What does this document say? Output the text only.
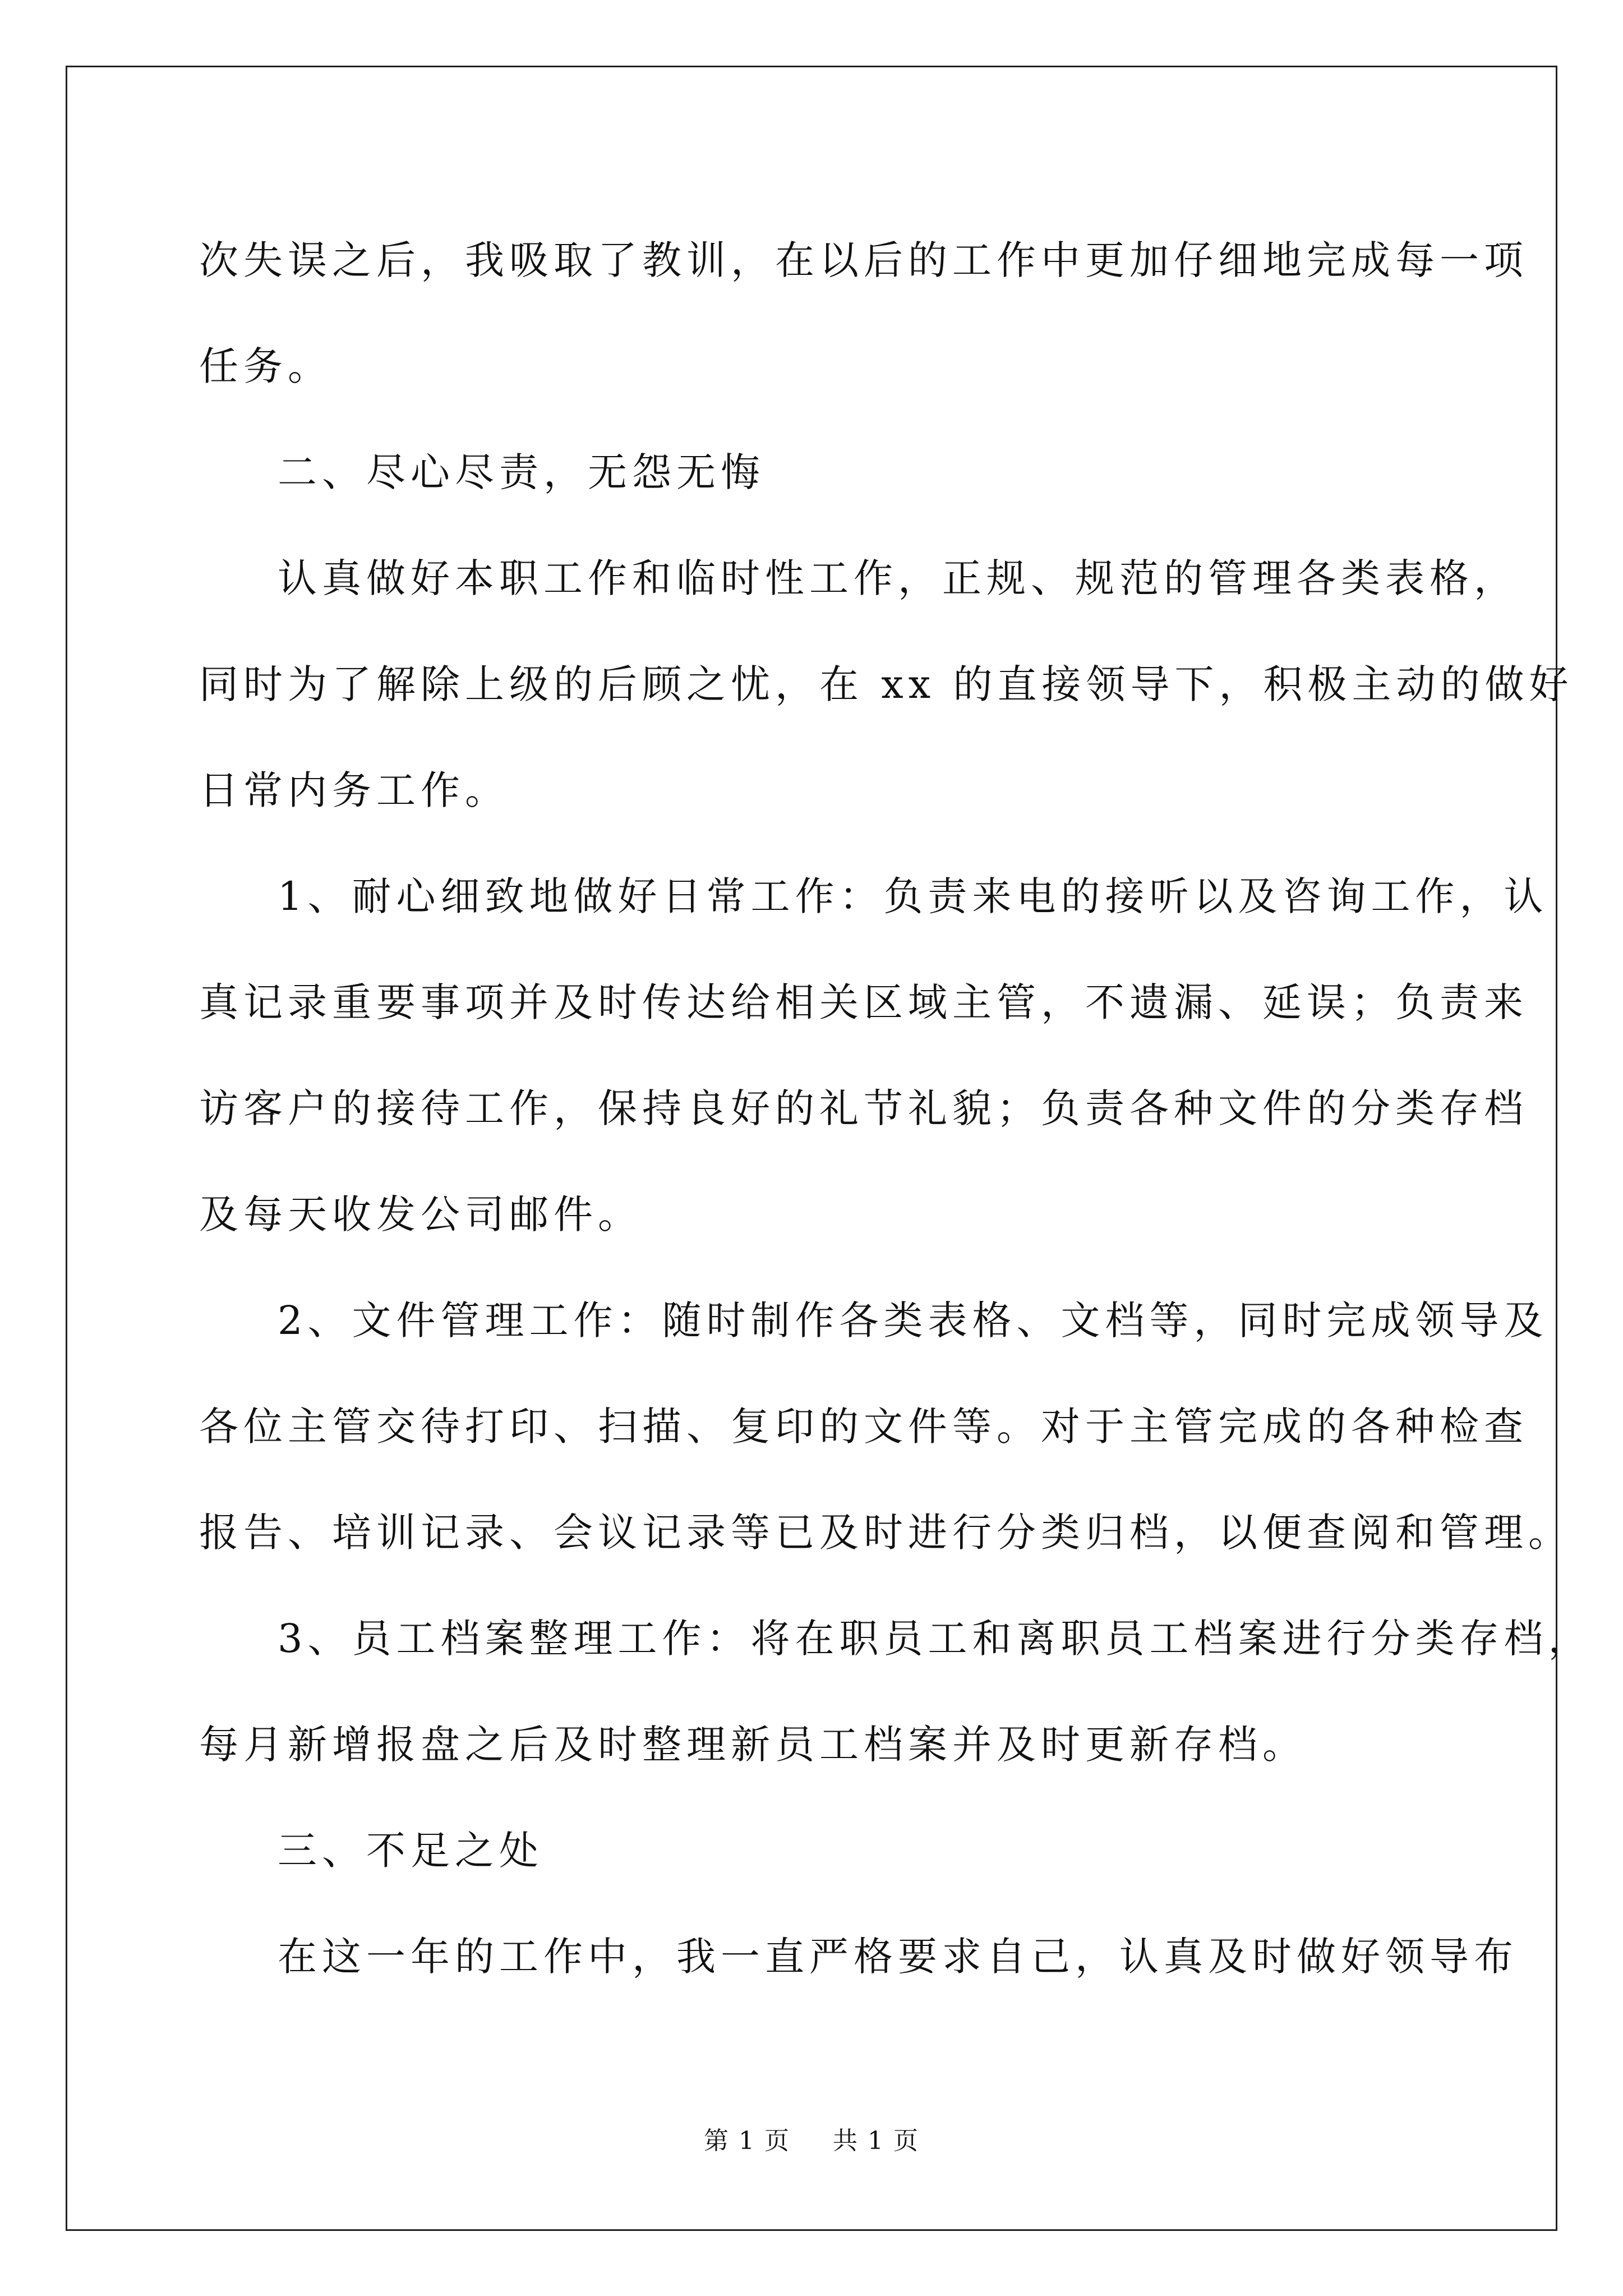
次失误之后，我吸取了教训，在以后的工作中更加仔细地完成每一项
任务。
二、尽心尽责，无怨无悔
认真做好本职工作和临时性工作，正规、规范的管理各类表格，
同时为了解除上级的后顾之忧，在 xx 的直接领导下，积极主动的做好
日常内务工作。
1、耐心细致地做好日常工作：负责来电的接听以及咨询工作，认
真记录重要事项并及时传达给相关区域主管，不遗漏、延误；负责来
访客户的接待工作，保持良好的礼节礼貌；负责各种文件的分类存档
及每天收发公司邮件。
2、文件管理工作：随时制作各类表格、文档等，同时完成领导及
各位主管交待打印、扫描、复印的文件等。对于主管完成的各种检查
报告、培训记录、会议记录等已及时进行分类归档，以便查阅和管理。
3、员工档案整理工作：将在职员工和离职员工档案进行分类存档，
每月新增报盘之后及时整理新员工档案并及时更新存档。
三、不足之处
在这一年的工作中，我一直严格要求自己，认真及时做好领导布
第 1 页 共 1 页
